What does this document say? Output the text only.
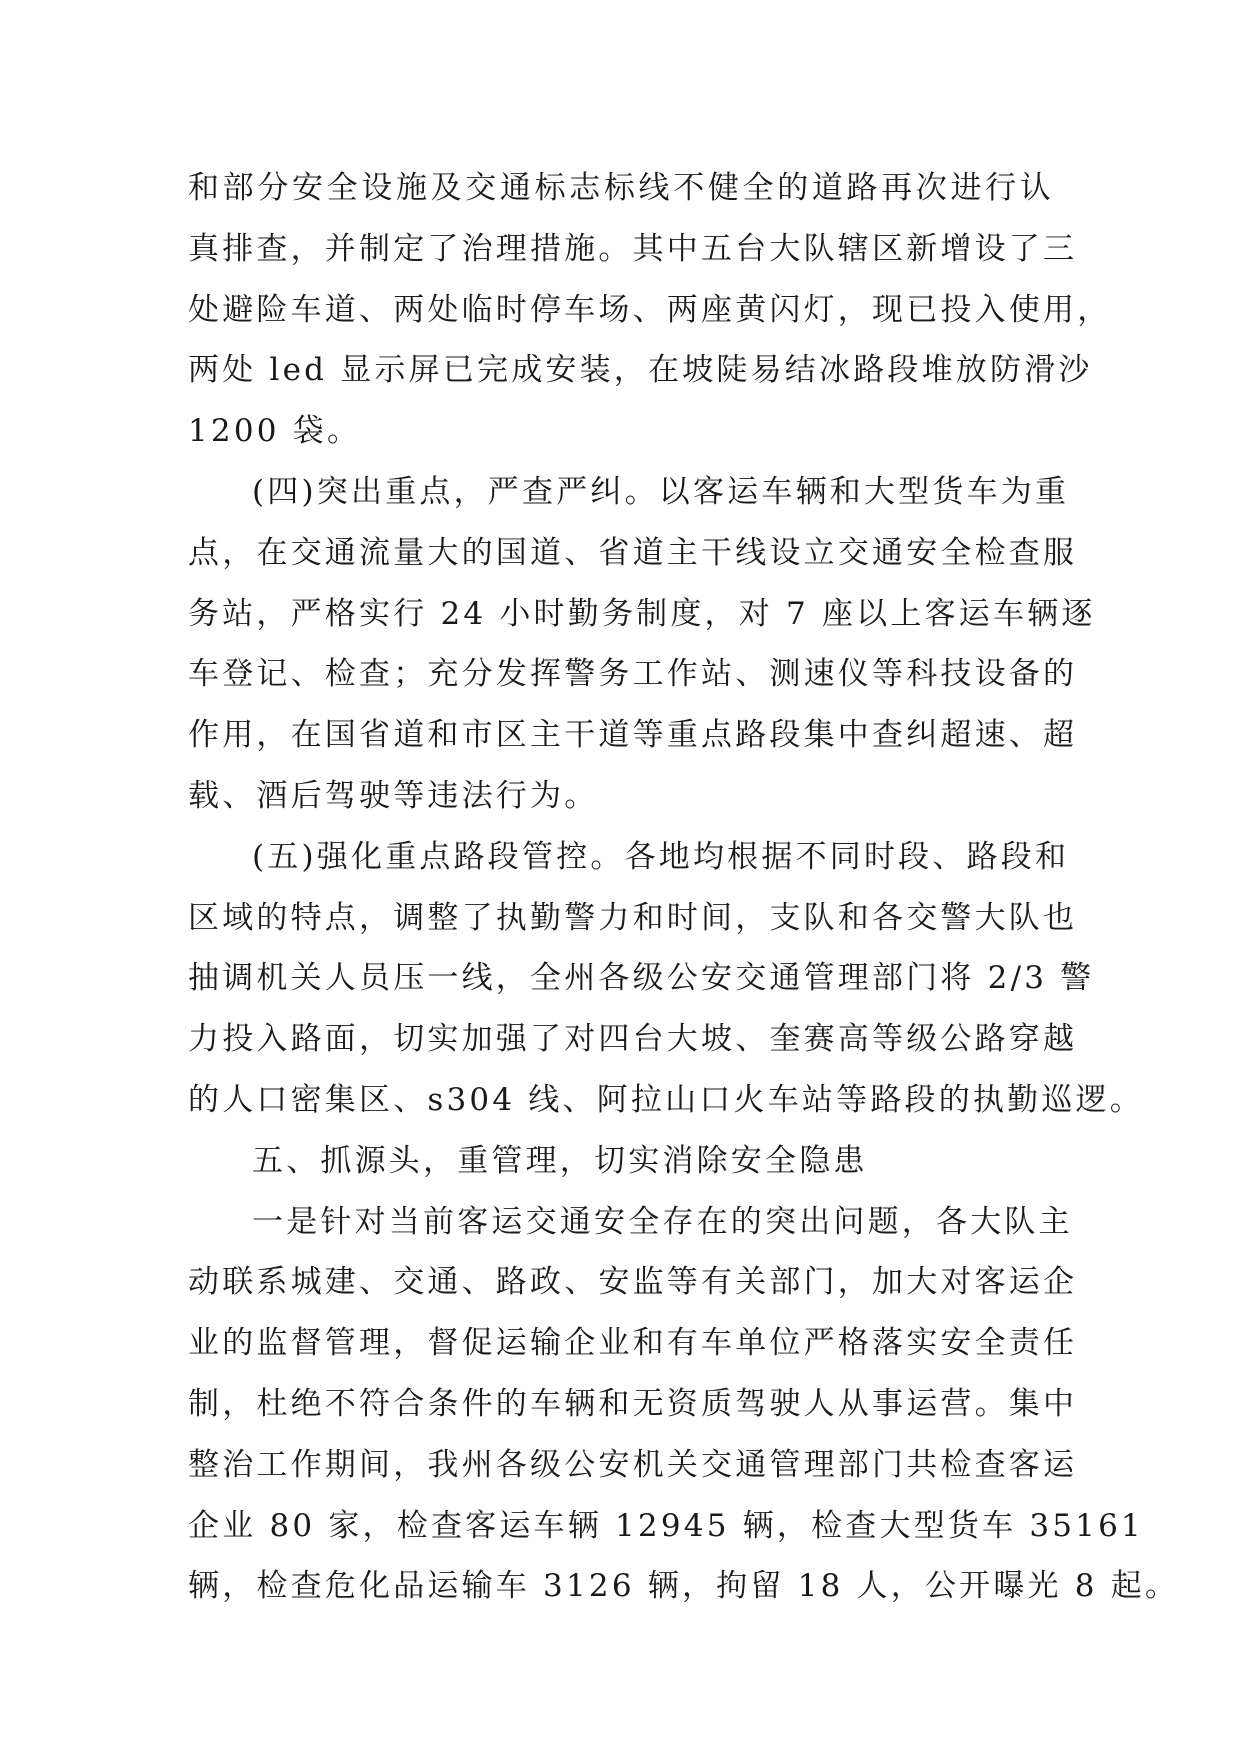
和部分安全设施及交通标志标线不健全的道路再次进行认
真排查，并制定了治理措施。其中五台大队辖区新增设了三
处避险车道、两处临时停车场、两座黄闪灯，现已投入使用，
两处 led 显示屏已完成安装，在坡陡易结冰路段堆放防滑沙
1200 袋。
(四)突出重点，严查严纠。以客运车辆和大型货车为重
点，在交通流量大的国道、省道主干线设立交通安全检查服
务站，严格实行 24 小时勤务制度，对 7 座以上客运车辆逐
车登记、检查；充分发挥警务工作站、测速仪等科技设备的
作用，在国省道和市区主干道等重点路段集中查纠超速、超
载、酒后驾驶等违法行为。
(五)强化重点路段管控。各地均根据不同时段、路段和
区域的特点，调整了执勤警力和时间，支队和各交警大队也
抽调机关人员压一线，全州各级公安交通管理部门将 2/3 警
力投入路面，切实加强了对四台大坡、奎赛高等级公路穿越
的人口密集区、s304 线、阿拉山口火车站等路段的执勤巡逻。
五、抓源头，重管理，切实消除安全隐患
一是针对当前客运交通安全存在的突出问题，各大队主
动联系城建、交通、路政、安监等有关部门，加大对客运企
业的监督管理，督促运输企业和有车单位严格落实安全责任
制，杜绝不符合条件的车辆和无资质驾驶人从事运营。集中
整治工作期间，我州各级公安机关交通管理部门共检查客运
企业 80 家，检查客运车辆 12945 辆，检查大型货车 35161
辆，检查危化品运输车 3126 辆，拘留 18 人，公开曝光 8 起。
